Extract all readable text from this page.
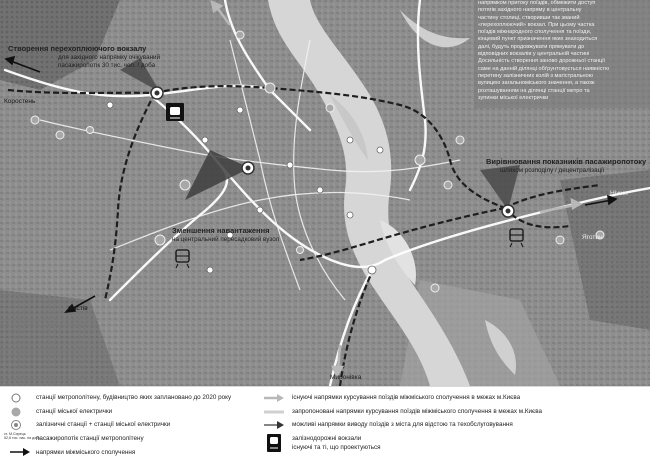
напрямком притоку поїздів, обмежити доступ

потягів західного напряму в центральну

частину столиці, створивши так званий

«перехоплюючий» вокзал. При цьому частка

поїздів міжнародного сполучення та поїзди,

кінцевий пункт призначення яких знаходиться

далі, будуть продовжувати прямувати до

відповідних вокзалів у центральній частині

Досильність створення заново дорожньої станції

саме на данній ділянці обґрунтовується наявністю

перетину залізничних колій з магістральною

вулицею загальноміського значення, а також

розташуванням на ділянці станції метро та

зупинки міської електрички

Створення перехоплюючого вокзалу
для західного напрямку очікуваний
пасажиропотік 30 тис. чол. / доба
Зменшення навантаження
на центральний пересадковий вузол
Вирівнювання показників пасажиропотоку
шляхом розподілу / децентралізації
Коростень
Фастів
Миронівка
Ніжин
Яготин
станції метрополітену, будівництво яких заплановано до 2020 року
станції міської електрички
залізничні станції + станції міської електрички
ст. М.Сирець
52,6 тис. пас. на добу
пасажиропотік станції метрополітену
напрямки міжміського сполучення
існуючі напрямки курсування поїздів міжміського сполучення в межах м.Києва
запропоновані напрямки курсування поїздів міжміського сполучення в межах м.Києва
можливі напрямки виводу поїздів з міста для відстою та техобслуговування
залізнодорожні вокзали
існуючі та ті, що проектуються
